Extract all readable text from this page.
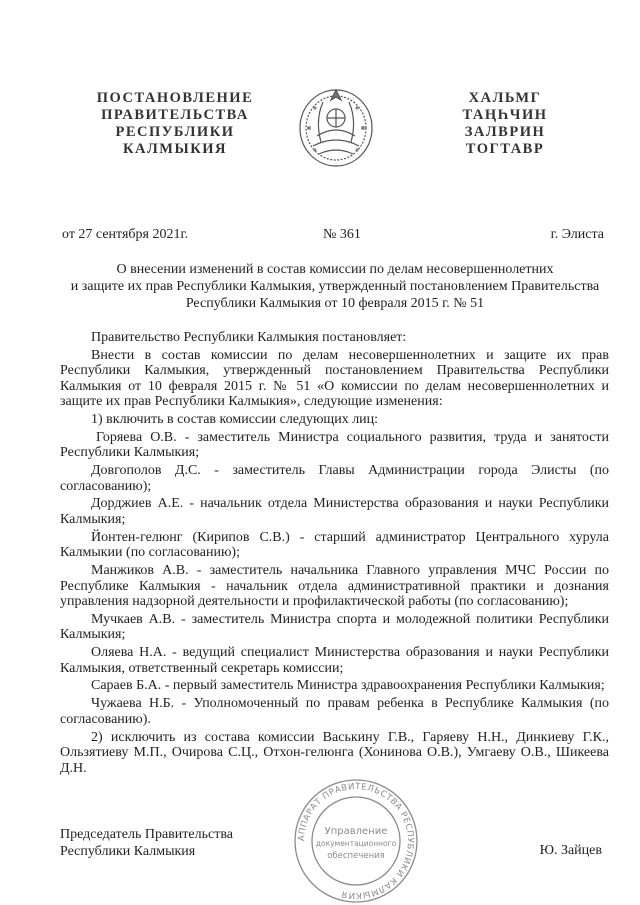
ПОСТАНОВЛЕНИЕ
ПРАВИТЕЛЬСТВА
РЕСПУБЛИКИ
КАЛМЫКИЯ
ХАЛЬМГ
ТАҢҺЧИН
ЗАЛВРИН
ТОГТАВР
от 27 сентября 2021г.	№ 361	г. Элиста
О внесении изменений в состав комиссии по делам несовершеннолетних
и защите их прав Республики Калмыкия, утвержденный постановлением Правительства
Республики Калмыкия от 10 февраля 2015 г. № 51

Правительство Республики Калмыкия постановляет:

Внести в состав комиссии по делам несовершеннолетних и защите их прав Республики Калмыкия, утвержденный постановлением Правительства Республики Калмыкия от 10 февраля 2015 г. № 51 «О комиссии по делам несовершеннолетних и защите их прав Республики Калмыкия», следующие изменения:

1) включить в состав комиссии следующих лиц:

Горяева О.В. - заместитель Министра социального развития, труда и занятости Республики Калмыкия;

Довгополов Д.С. - заместитель Главы Администрации города Элисты (по согласованию);

Дорджиев А.Е. - начальник отдела Министерства образования и науки Республики Калмыкия;

Йонтен-гелюнг (Кирипов С.В.) - старший администратор Центрального хурула Калмыкии (по согласованию);

Манжиков А.В. - заместитель начальника Главного управления МЧС России по Республике Калмыкия - начальник отдела административной практики и дознания управления надзорной деятельности и профилактической работы (по согласованию);

Мучкаев А.В. - заместитель Министра спорта и молодежной политики Республики Калмыкия;

Оляева Н.А. - ведущий специалист Министерства образования и науки Республики Калмыкия, ответственный секретарь комиссии;

Сараев Б.А. - первый заместитель Министра здравоохранения Республики Калмыкия;

Чужаева Н.Б. - Уполномоченный по правам ребенка в Республике Калмыкия (по согласованию).

2) исключить из состава комиссии Васькину Г.В., Гаряеву Н.Н., Динкиеву Г.К., Ользятиеву М.П., Очирова С.Ц., Отхон-гелюнга (Хонинова О.В.), Умгаеву О.В., Шикеева Д.Н.

АППАРАТ ПРАВИТЕЛЬСТВА РЕСПУБЛИКИ КАЛМЫКИЯ
Управление
документационного
обеспечения
Председатель Правительства
Республики Калмыкия	Ю. Зайцев
